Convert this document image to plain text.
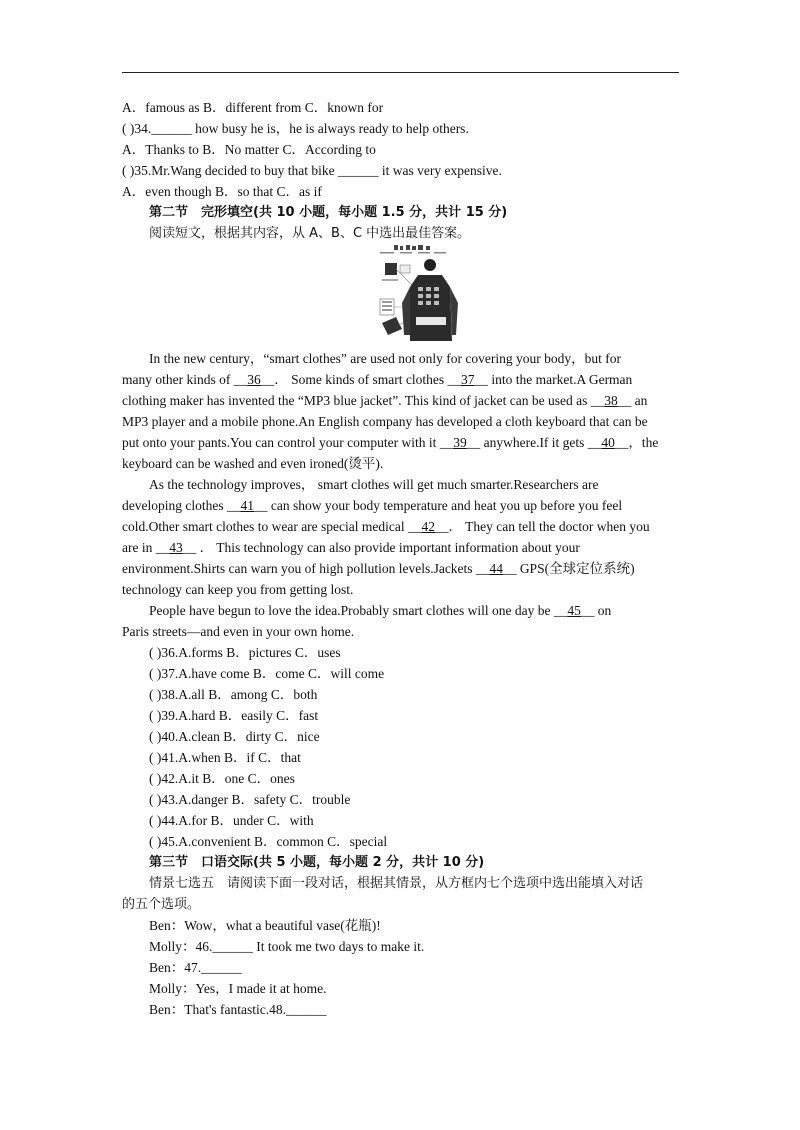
A．famous as B．different from C．known for
( )34.______ how busy he is，he is always ready to help others.
A．Thanks to B．No matter C．According to
( )35.Mr.Wang decided to buy that bike ______ it was very expensive.
A．even though B．so that C．as if
第二节　完形填空(共 10 小题，每小题 1.5 分，共计 15 分)
阅读短文，根据其内容，从 A、B、C 中选出最佳答案。
In the new century，“smart clothes” are used not only for covering your body，but for
many other kinds of __36__． Some kinds of smart clothes __37__ into the market.A German
clothing maker has invented the “MP3 blue jacket”. This kind of jacket can be used as __38__ an
MP3 player and a mobile phone.An English company has developed a cloth keyboard that can be
put onto your pants.You can control your computer with it __39__ anywhere.If it gets __40__，the
keyboard can be washed and even ironed(烫平).
As the technology improves， smart clothes will get much smarter.Researchers are
developing clothes __41__ can show your body temperature and heat you up before you feel
cold.Other smart clothes to wear are special medical __42__． They can tell the doctor when you
are in __43__ ． This technology can also provide important information about your
environment.Shirts can warn you of high pollution levels.Jackets __44__ GPS(全球定位系统)
technology can keep you from getting lost.
People have begun to love the idea.Probably smart clothes will one day be __45__ on
Paris streets—and even in your own home.
( )36.A.forms B．pictures C．uses
( )37.A.have come B．come C．will come
( )38.A.all B．among C．both
( )39.A.hard B．easily C．fast
( )40.A.clean B．dirty C．nice
( )41.A.when B．if C．that
( )42.A.it B．one C．ones
( )43.A.danger B．safety C．trouble
( )44.A.for B．under C．with
( )45.A.convenient B．common C．special
第三节　口语交际(共 5 小题，每小题 2 分，共计 10 分)
情景七选五　请阅读下面一段对话，根据其情景，从方框内七个选项中选出能填入对话
的五个选项。
Ben：Wow，what a beautiful vase(花瓶)!
Molly：46.______ It took me two days to make it.
Ben：47.______
Molly：Yes，I made it at home.
Ben：That's fantastic.48.______
